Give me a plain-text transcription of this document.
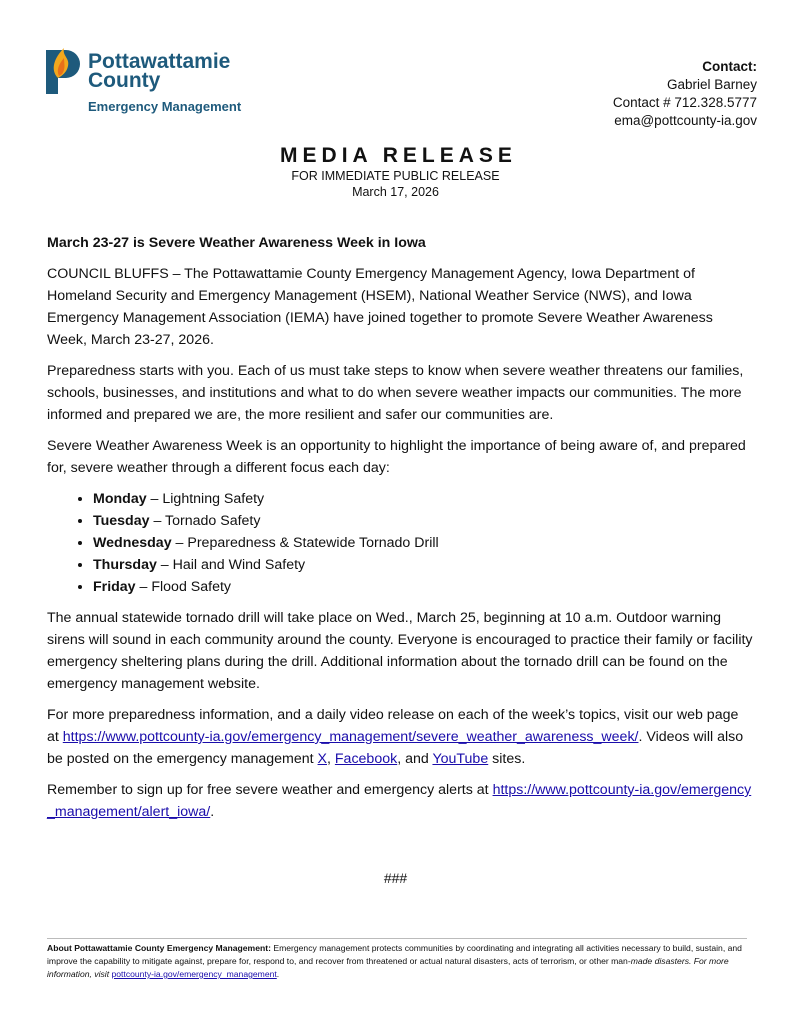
Pottawattamie
County
Emergency Management
Contact:
Gabriel Barney
Contact # 712.328.5777
ema@pottcounty-ia.gov
MEDIA RELEASE
FOR IMMEDIATE PUBLIC RELEASE
March 17, 2026
March 23-27 is Severe Weather Awareness Week in Iowa

COUNCIL BLUFFS – The Pottawattamie County Emergency Management Agency, Iowa Department of Homeland Security and Emergency Management (HSEM), National Weather Service (NWS), and Iowa Emergency Management Association (IEMA) have joined together to promote Severe Weather Awareness Week, March 23-27, 2026.

Preparedness starts with you. Each of us must take steps to know when severe weather threatens our families, schools, businesses, and institutions and what to do when severe weather impacts our communities. The more informed and prepared we are, the more resilient and safer our communities are.

Severe Weather Awareness Week is an opportunity to highlight the importance of being aware of, and prepared for, severe weather through a different focus each day:

• Monday – Lightning Safety
• Tuesday – Tornado Safety
• Wednesday – Preparedness & Statewide Tornado Drill
• Thursday – Hail and Wind Safety
• Friday – Flood Safety

The annual statewide tornado drill will take place on Wed., March 25, beginning at 10 a.m. Outdoor warning sirens will sound in each community around the county. Everyone is encouraged to practice their family or facility emergency sheltering plans during the drill. Additional information about the tornado drill can be found on the emergency management website.

For more preparedness information, and a daily video release on each of the week’s topics, visit our web page at https://www.pottcounty-ia.gov/emergency_management/severe_weather_awareness_week/. Videos will also be posted on the emergency management X, Facebook, and YouTube sites.

Remember to sign up for free severe weather and emergency alerts at https://www.pottcounty-ia.gov/emergency_management/alert_iowa/.

###
About Pottawattamie County Emergency Management: Emergency management protects communities by coordinating and integrating all activities necessary to build, sustain, and improve the capability to mitigate against, prepare for, respond to, and recover from threatened or actual natural disasters, acts of terrorism, or other man-made disasters. For more information, visit pottcounty-ia.gov/emergency_management.
